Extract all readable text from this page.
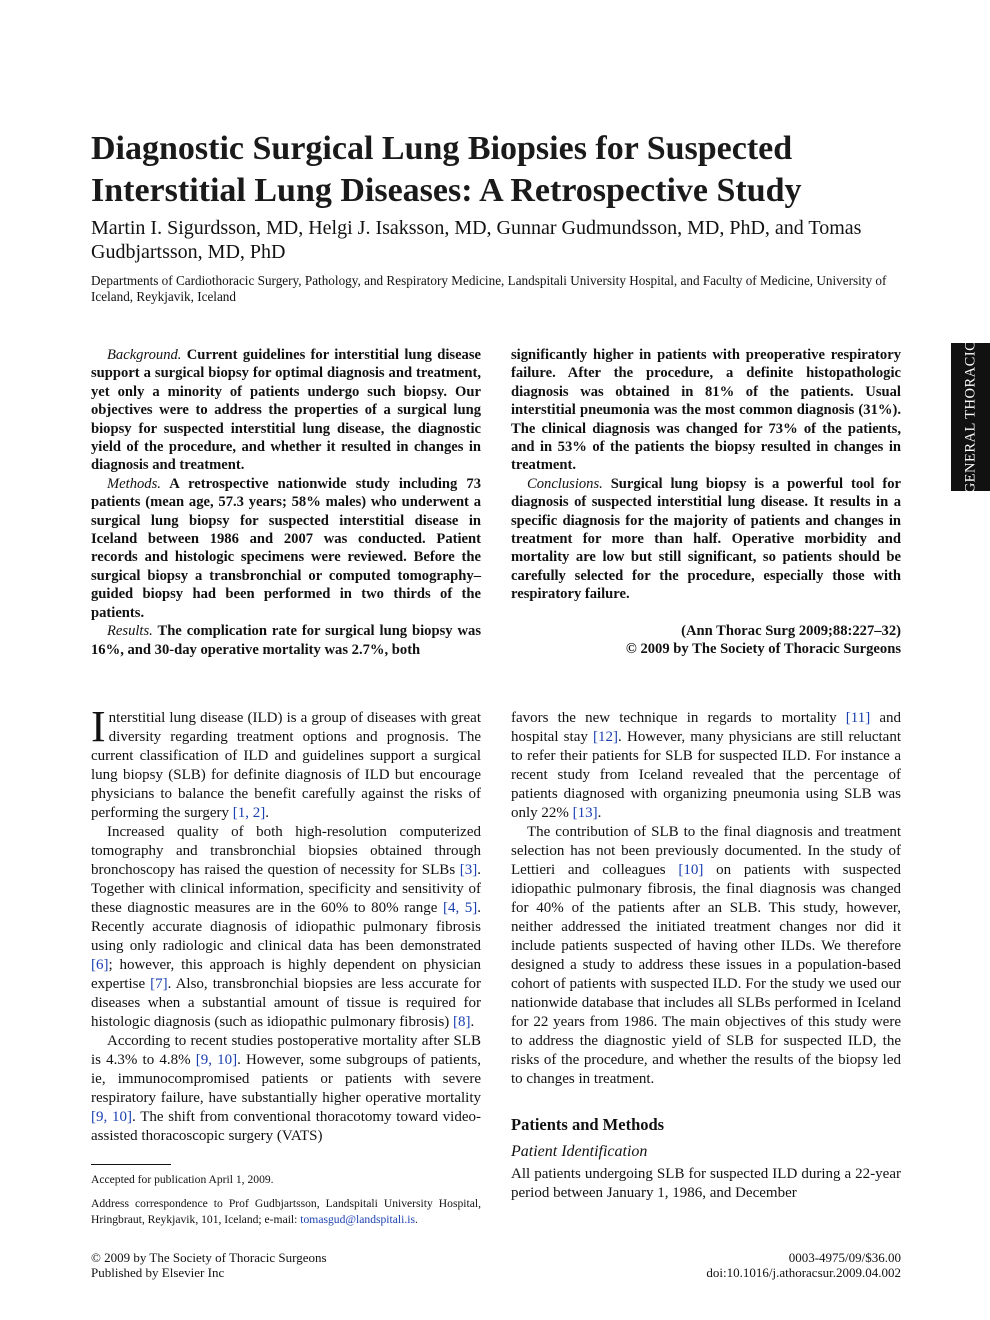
Diagnostic Surgical Lung Biopsies for Suspected
Interstitial Lung Diseases: A Retrospective Study

Martin I. Sigurdsson, MD, Helgi J. Isaksson, MD, Gunnar Gudmundsson, MD, PhD, and Tomas Gudbjartsson, MD, PhD

Departments of Cardiothoracic Surgery, Pathology, and Respiratory Medicine, Landspitali University Hospital, and Faculty of Medicine, University of Iceland, Reykjavik, Iceland

GENERAL THORACIC

Background. Current guidelines for interstitial lung disease support a surgical biopsy for optimal diagnosis and treatment, yet only a minority of patients undergo such biopsy. Our objectives were to address the properties of a surgical lung biopsy for suspected interstitial lung disease, the diagnostic yield of the procedure, and whether it resulted in changes in diagnosis and treatment.

Methods. A retrospective nationwide study including 73 patients (mean age, 57.3 years; 58% males) who underwent a surgical lung biopsy for suspected interstitial disease in Iceland between 1986 and 2007 was conducted. Patient records and histologic specimens were reviewed. Before the surgical biopsy a transbronchial or computed tomography– guided biopsy had been performed in two thirds of the patients.

Results. The complication rate for surgical lung biopsy was 16%, and 30-day operative mortality was 2.7%, both

significantly higher in patients with preoperative respiratory failure. After the procedure, a definite histopathologic diagnosis was obtained in 81% of the patients. Usual interstitial pneumonia was the most common diagnosis (31%). The clinical diagnosis was changed for 73% of the patients, and in 53% of the patients the biopsy resulted in changes in treatment.

Conclusions. Surgical lung biopsy is a powerful tool for diagnosis of suspected interstitial lung disease. It results in a specific diagnosis for the majority of patients and changes in treatment for more than half. Operative morbidity and mortality are low but still significant, so patients should be carefully selected for the procedure, especially those with respiratory failure.

(Ann Thorac Surg 2009;88:227–32)
© 2009 by The Society of Thoracic Surgeons

Interstitial lung disease (ILD) is a group of diseases with great diversity regarding treatment options and prognosis. The current classification of ILD and guidelines support a surgical lung biopsy (SLB) for definite diagnosis of ILD but encourage physicians to balance the benefit carefully against the risks of performing the surgery [1, 2].

Increased quality of both high-resolution computerized tomography and transbronchial biopsies obtained through bronchoscopy has raised the question of necessity for SLBs [3]. Together with clinical information, specificity and sensitivity of these diagnostic measures are in the 60% to 80% range [4, 5]. Recently accurate diagnosis of idiopathic pulmonary fibrosis using only radiologic and clinical data has been demonstrated [6]; however, this approach is highly dependent on physician expertise [7]. Also, transbronchial biopsies are less accurate for diseases when a substantial amount of tissue is required for histologic diagnosis (such as idiopathic pulmonary fibrosis) [8].

According to recent studies postoperative mortality after SLB is 4.3% to 4.8% [9, 10]. However, some subgroups of patients, ie, immunocompromised patients or patients with severe respiratory failure, have substantially higher operative mortality [9, 10]. The shift from conventional thoracotomy toward video-assisted thoracoscopic surgery (VATS)

favors the new technique in regards to mortality [11] and hospital stay [12]. However, many physicians are still reluctant to refer their patients for SLB for suspected ILD. For instance a recent study from Iceland revealed that the percentage of patients diagnosed with organizing pneumonia using SLB was only 22% [13].

The contribution of SLB to the final diagnosis and treatment selection has not been previously documented. In the study of Lettieri and colleagues [10] on patients with suspected idiopathic pulmonary fibrosis, the final diagnosis was changed for 40% of the patients after an SLB. This study, however, neither addressed the initiated treatment changes nor did it include patients suspected of having other ILDs. We therefore designed a study to address these issues in a population-based cohort of patients with suspected ILD. For the study we used our nationwide database that includes all SLBs performed in Iceland for 22 years from 1986. The main objectives of this study were to address the diagnostic yield of SLB for suspected ILD, the risks of the procedure, and whether the results of the biopsy led to changes in treatment.

Patients and Methods
Patient Identification

All patients undergoing SLB for suspected ILD during a 22-year period between January 1, 1986, and December

Accepted for publication April 1, 2009.

Address correspondence to Prof Gudbjartsson, Landspitali University Hospital, Hringbraut, Reykjavik, 101, Iceland; e-mail: tomasgud@landspitali.is.

© 2009 by The Society of Thoracic Surgeons
Published by Elsevier Inc
0003-4975/09/$36.00
doi:10.1016/j.athoracsur.2009.04.002
